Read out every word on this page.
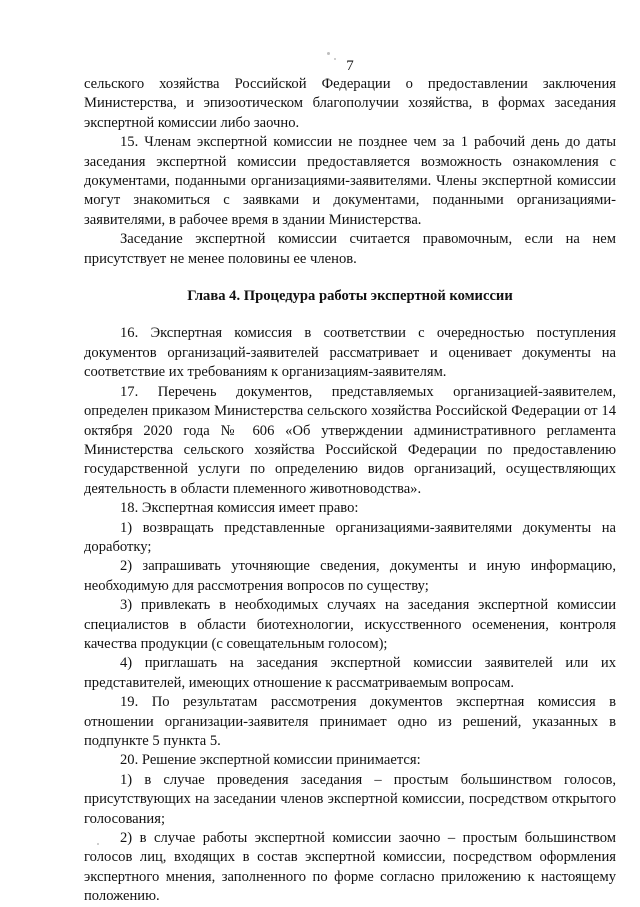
7

сельского хозяйства Российской Федерации о предоставлении заключения Министерства, и эпизоотическом благополучии хозяйства, в формах заседания экспертной комиссии либо заочно.

15. Членам экспертной комиссии не позднее чем за 1 рабочий день до даты заседания экспертной комиссии предоставляется возможность ознакомления с документами, поданными организациями-заявителями. Члены экспертной комиссии могут знакомиться с заявками и документами, поданными организациями-заявителями, в рабочее время в здании Министерства.

Заседание экспертной комиссии считается правомочным, если на нем присутствует не менее половины ее членов.

Глава 4. Процедура работы экспертной комиссии

16. Экспертная комиссия в соответствии с очередностью поступления документов организаций-заявителей рассматривает и оценивает документы на соответствие их требованиям к организациям-заявителям.

17. Перечень документов, представляемых организацией-заявителем, определен приказом Министерства сельского хозяйства Российской Федерации от 14 октября 2020 года № 606 «Об утверждении административного регламента Министерства сельского хозяйства Российской Федерации по предоставлению государственной услуги по определению видов организаций, осуществляющих деятельность в области племенного животноводства».

18. Экспертная комиссия имеет право:

1) возвращать представленные организациями-заявителями документы на доработку;

2) запрашивать уточняющие сведения, документы и иную информацию, необходимую для рассмотрения вопросов по существу;

3) привлекать в необходимых случаях на заседания экспертной комиссии специалистов в области биотехнологии, искусственного осеменения, контроля качества продукции (с совещательным голосом);

4) приглашать на заседания экспертной комиссии заявителей или их представителей, имеющих отношение к рассматриваемым вопросам.

19. По результатам рассмотрения документов экспертная комиссия в отношении организации-заявителя принимает одно из решений, указанных в подпункте 5 пункта 5.

20. Решение экспертной комиссии принимается:

1) в случае проведения заседания – простым большинством голосов, присутствующих на заседании членов экспертной комиссии, посредством открытого голосования;

2) в случае работы экспертной комиссии заочно – простым большинством голосов лиц, входящих в состав экспертной комиссии, посредством оформления экспертного мнения, заполненного по форме согласно приложению к настоящему положению.
